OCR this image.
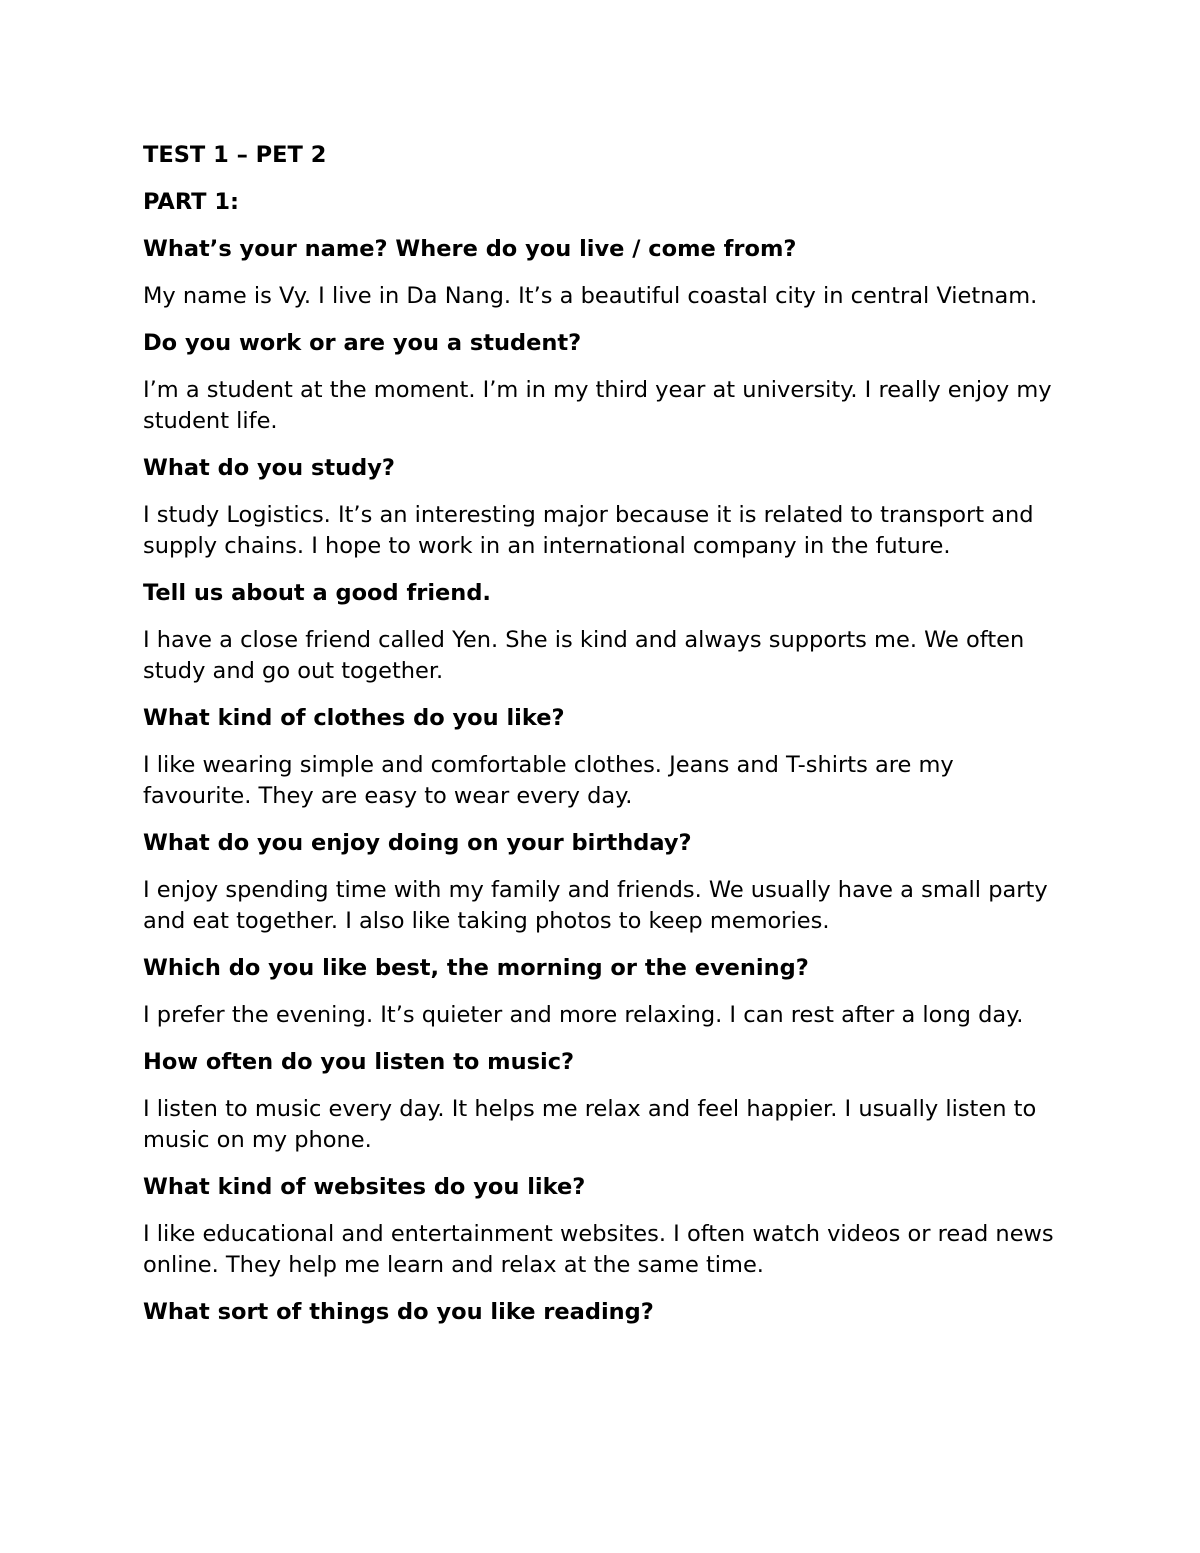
TEST 1 – PET 2

PART 1:

What’s your name? Where do you live / come from?

My name is Vy. I live in Da Nang. It’s a beautiful coastal city in central Vietnam.

Do you work or are you a student?

I’m a student at the moment. I’m in my third year at university. I really enjoy my student life.

What do you study?

I study Logistics. It’s an interesting major because it is related to transport and supply chains. I hope to work in an international company in the future.

Tell us about a good friend.

I have a close friend called Yen. She is kind and always supports me. We often study and go out together.

What kind of clothes do you like?

I like wearing simple and comfortable clothes. Jeans and T-shirts are my favourite. They are easy to wear every day.

What do you enjoy doing on your birthday?

I enjoy spending time with my family and friends. We usually have a small party and eat together. I also like taking photos to keep memories.

Which do you like best, the morning or the evening?

I prefer the evening. It’s quieter and more relaxing. I can rest after a long day.

How often do you listen to music?

I listen to music every day. It helps me relax and feel happier. I usually listen to music on my phone.

What kind of websites do you like?

I like educational and entertainment websites. I often watch videos or read news online. They help me learn and relax at the same time.

What sort of things do you like reading?
